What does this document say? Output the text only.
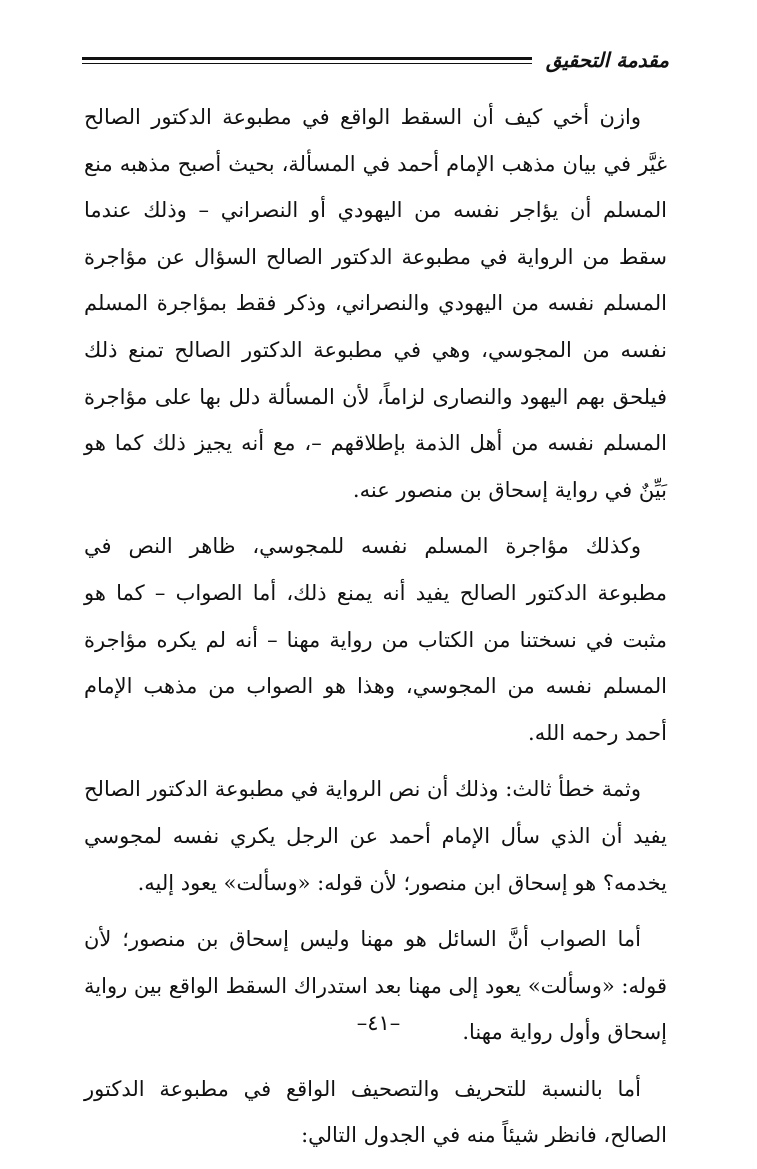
مقدمة التحقيق

وازن أخي كيف أن السقط الواقع في مطبوعة الدكتور الصالح غيَّر في بيان مذهب الإمام أحمد في المسألة، بحيث أصبح مذهبه منع المسلم أن يؤاجر نفسه من اليهودي أو النصراني – وذلك عندما سقط من الرواية في مطبوعة الدكتور الصالح السؤال عن مؤاجرة المسلم نفسه من اليهودي والنصراني، وذكر فقط بمؤاجرة المسلم نفسه من المجوسي، وهي في مطبوعة الدكتور الصالح تمنع ذلك فيلحق بهم اليهود والنصارى لزاماً، لأن المسألة دلل بها على مؤاجرة المسلم نفسه من أهل الذمة بإطلاقهم –، مع أنه يجيز ذلك كما هو بَيِّنٌ في رواية إسحاق بن منصور عنه.

وكذلك مؤاجرة المسلم نفسه للمجوسي، ظاهر النص في مطبوعة الدكتور الصالح يفيد أنه يمنع ذلك، أما الصواب – كما هو مثبت في نسختنا من الكتاب من رواية مهنا – أنه لم يكره مؤاجرة المسلم نفسه من المجوسي، وهذا هو الصواب من مذهب الإمام أحمد رحمه الله.

وثمة خطأ ثالث: وذلك أن نص الرواية في مطبوعة الدكتور الصالح يفيد أن الذي سأل الإمام أحمد عن الرجل يكري نفسه لمجوسي يخدمه؟ هو إسحاق ابن منصور؛ لأن قوله: «وسألت» يعود إليه.

أما الصواب أنَّ السائل هو مهنا وليس إسحاق بن منصور؛ لأن قوله: «وسألت» يعود إلى مهنا بعد استدراك السقط الواقع بين رواية إسحاق وأول رواية مهنا.

أما بالنسبة للتحريف والتصحيف الواقع في مطبوعة الدكتور الصالح، فانظر شيئاً منه في الجدول التالي:

–٤١–
